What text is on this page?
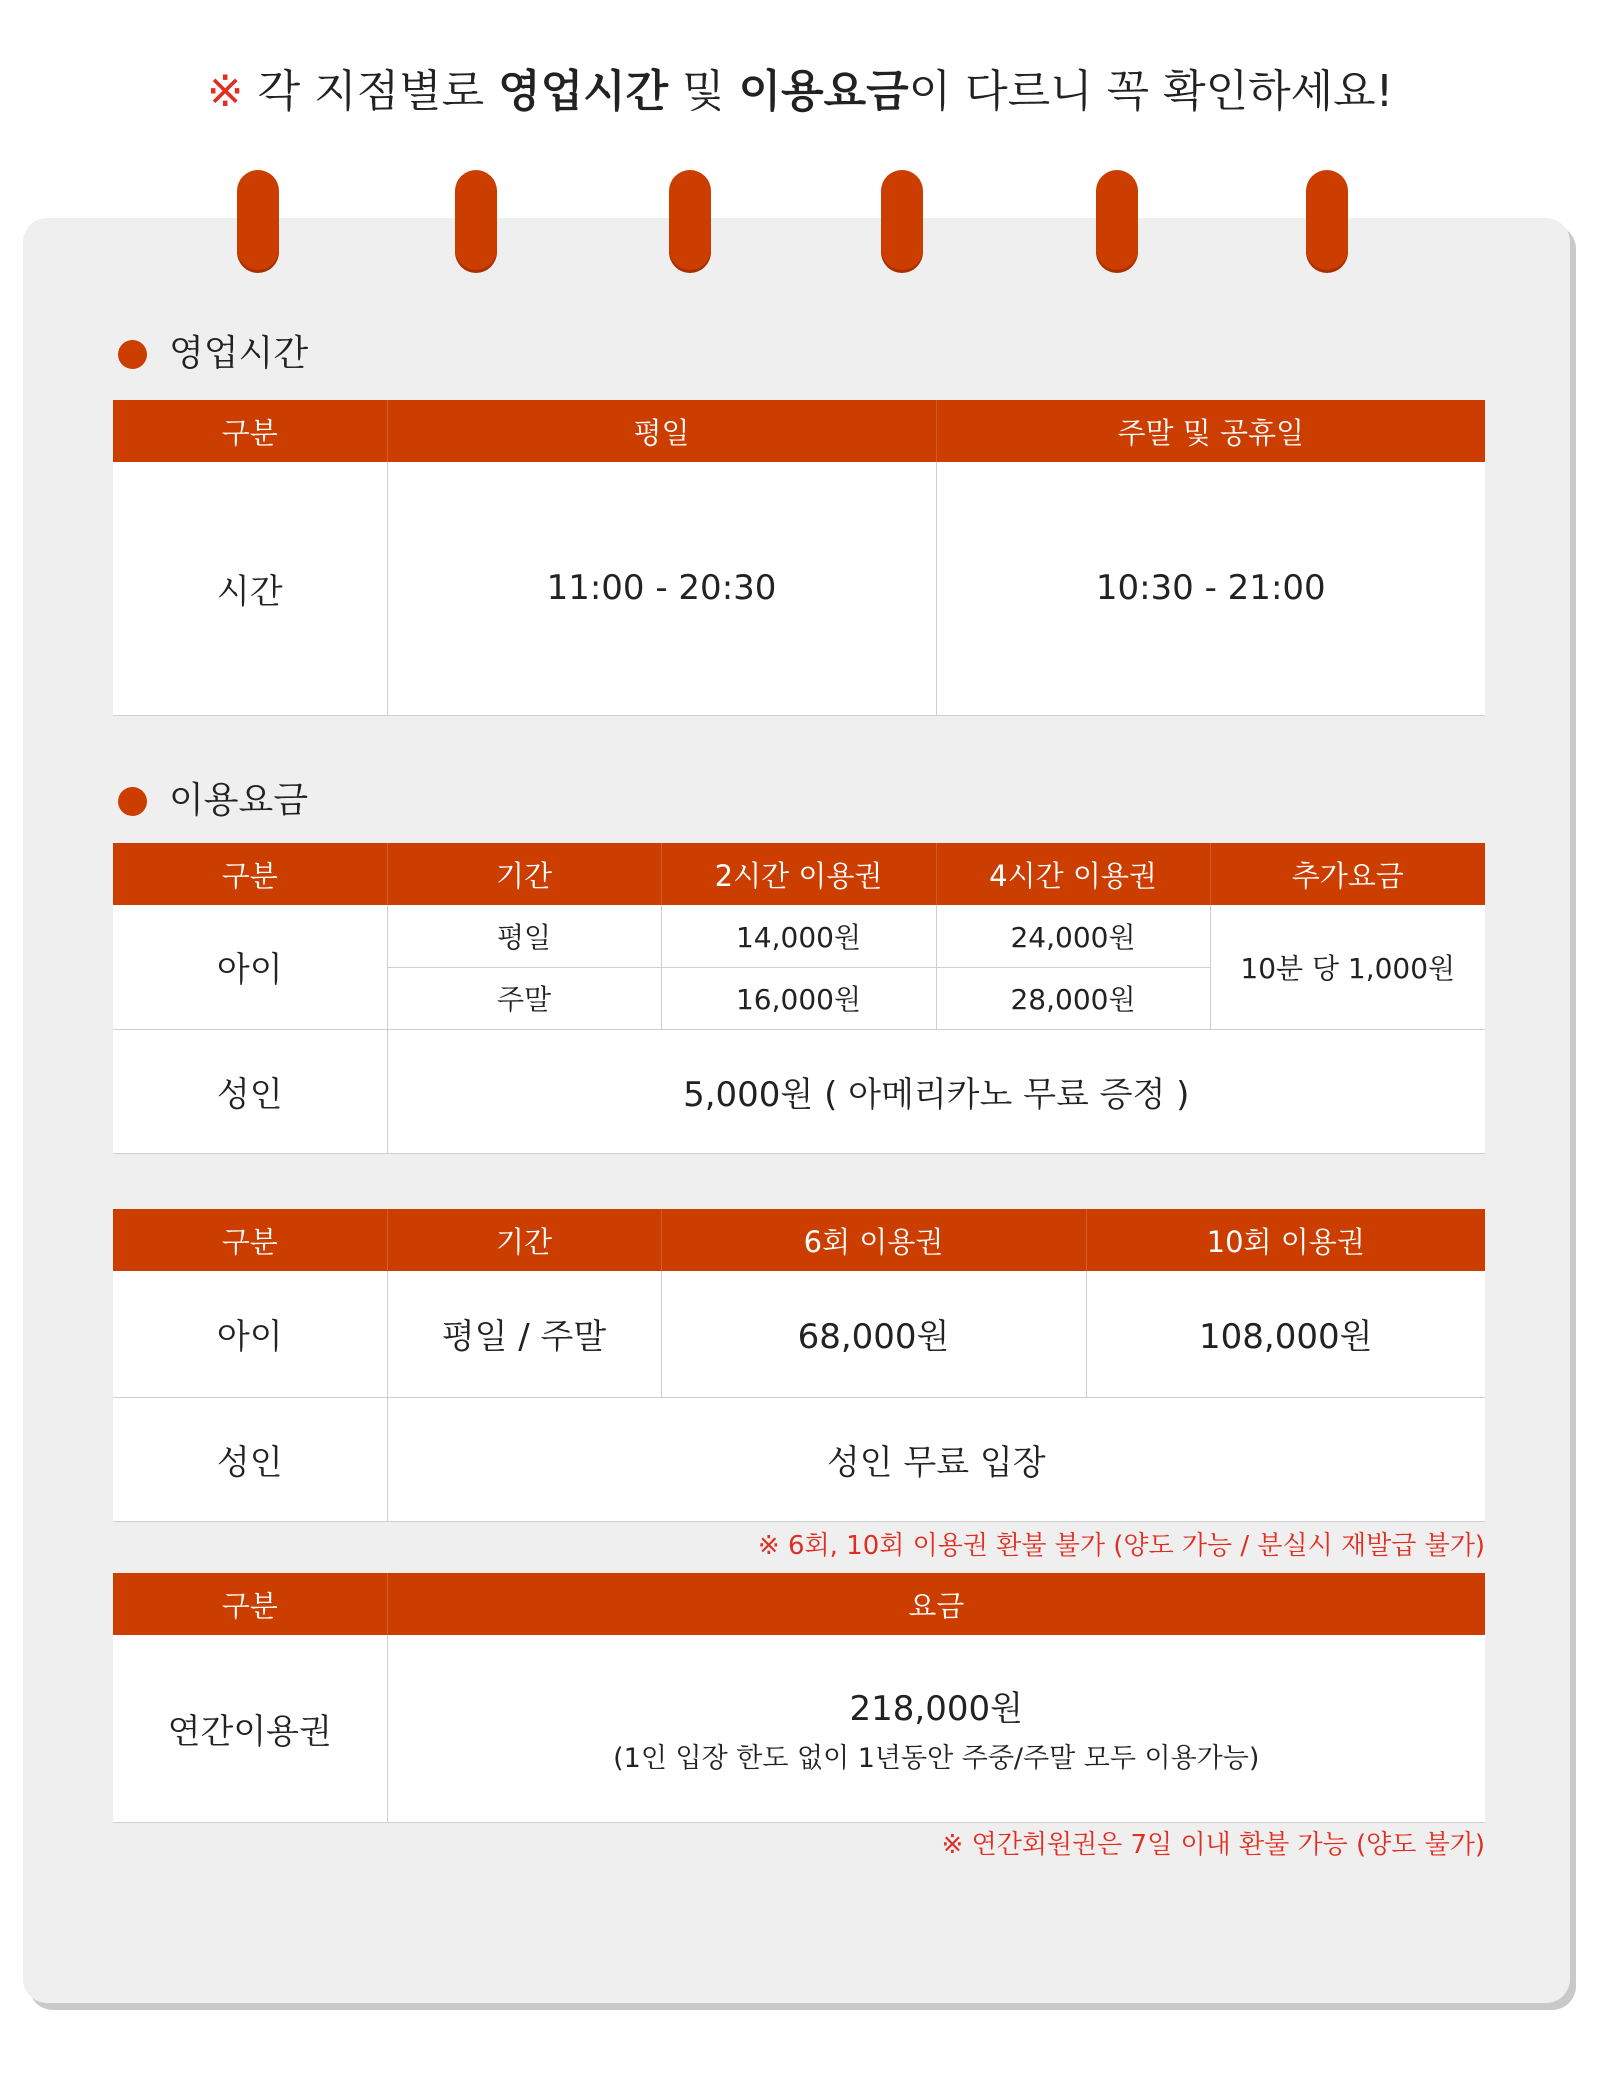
※ 각 지점별로 영업시간 및 이용요금이 다르니 꼭 확인하세요!
영업시간
구분	평일	주말 및 공휴일
시간	11:00 - 20:30	10:30 - 21:00
이용요금
구분	기간	2시간 이용권	4시간 이용권	추가요금
아이	평일	14,000원	24,000원	10분 당 1,000원
	주말	16,000원	28,000원	
성인	5,000원 ( 아메리카노 무료 증정 )			
구분	기간	6회 이용권	10회 이용권
아이	평일 / 주말	68,000원	108,000원
성인	성인 무료 입장		
※ 6회, 10회 이용권 환불 불가 (양도 가능 / 분실시 재발급 불가)
구분	요금
연간이용권	218,000원
(1인 입장 한도 없이 1년동안 주중/주말 모두 이용가능)
※ 연간회원권은 7일 이내 환불 가능 (양도 불가)
